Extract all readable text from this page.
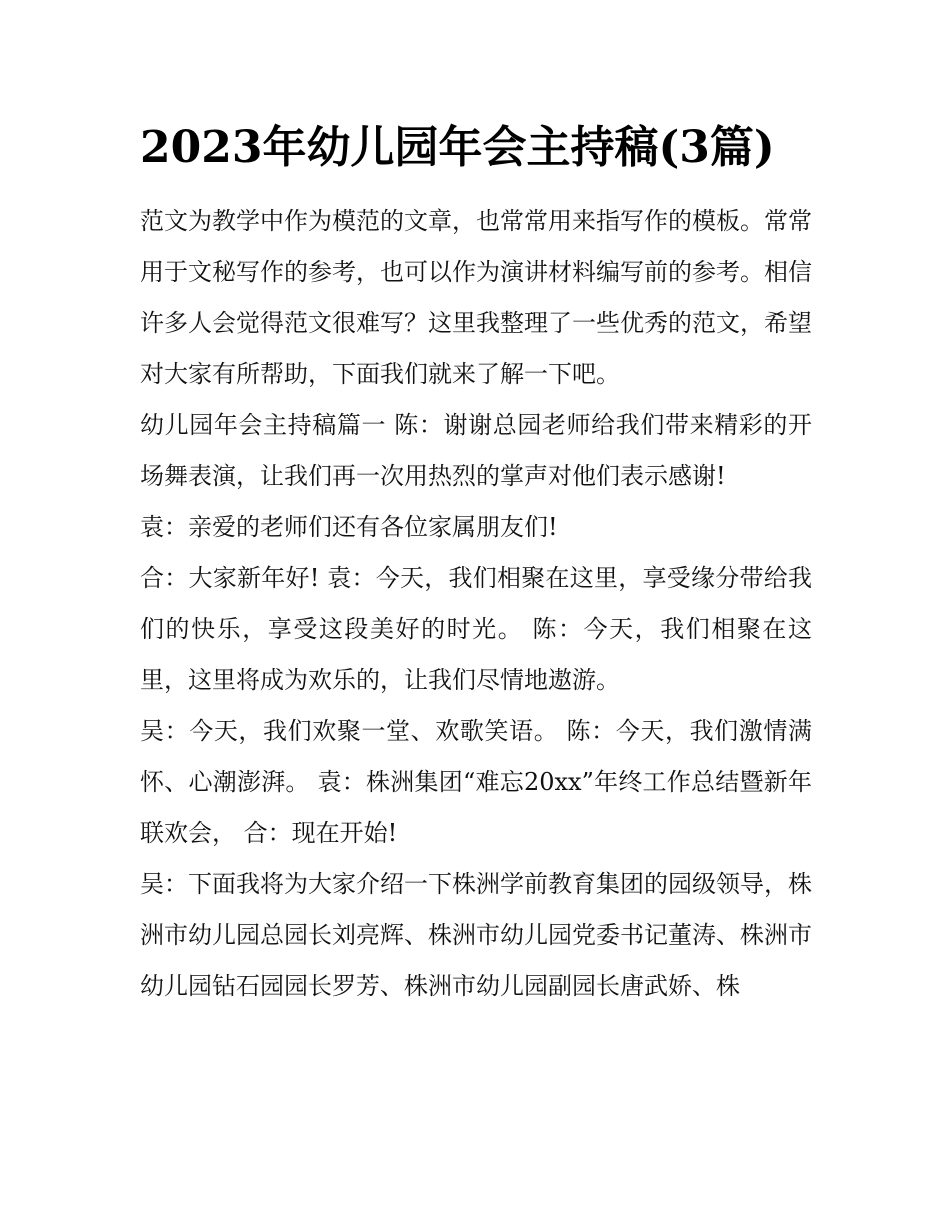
2023年幼儿园年会主持稿(3篇)

范文为教学中作为模范的文章，也常常用来指写作的模板。常常用于文秘写作的参考，也可以作为演讲材料编写前的参考。相信许多人会觉得范文很难写？这里我整理了一些优秀的范文，希望对大家有所帮助，下面我们就来了解一下吧。

幼儿园年会主持稿篇一 陈：谢谢总园老师给我们带来精彩的开场舞表演，让我们再一次用热烈的掌声对他们表示感谢!

袁：亲爱的老师们还有各位家属朋友们!

合：大家新年好! 袁：今天，我们相聚在这里，享受缘分带给我们的快乐，享受这段美好的时光。 陈：今天，我们相聚在这里，这里将成为欢乐的，让我们尽情地遨游。

吴：今天，我们欢聚一堂、欢歌笑语。 陈：今天，我们激情满怀、心潮澎湃。 袁：株洲集团“难忘20xx”年终工作总结暨新年联欢会， 合：现在开始!

吴：下面我将为大家介绍一下株洲学前教育集团的园级领导，株洲市幼儿园总园长刘亮辉、株洲市幼儿园党委书记董涛、株洲市幼儿园钻石园园长罗芳、株洲市幼儿园副园长唐武娇、株
